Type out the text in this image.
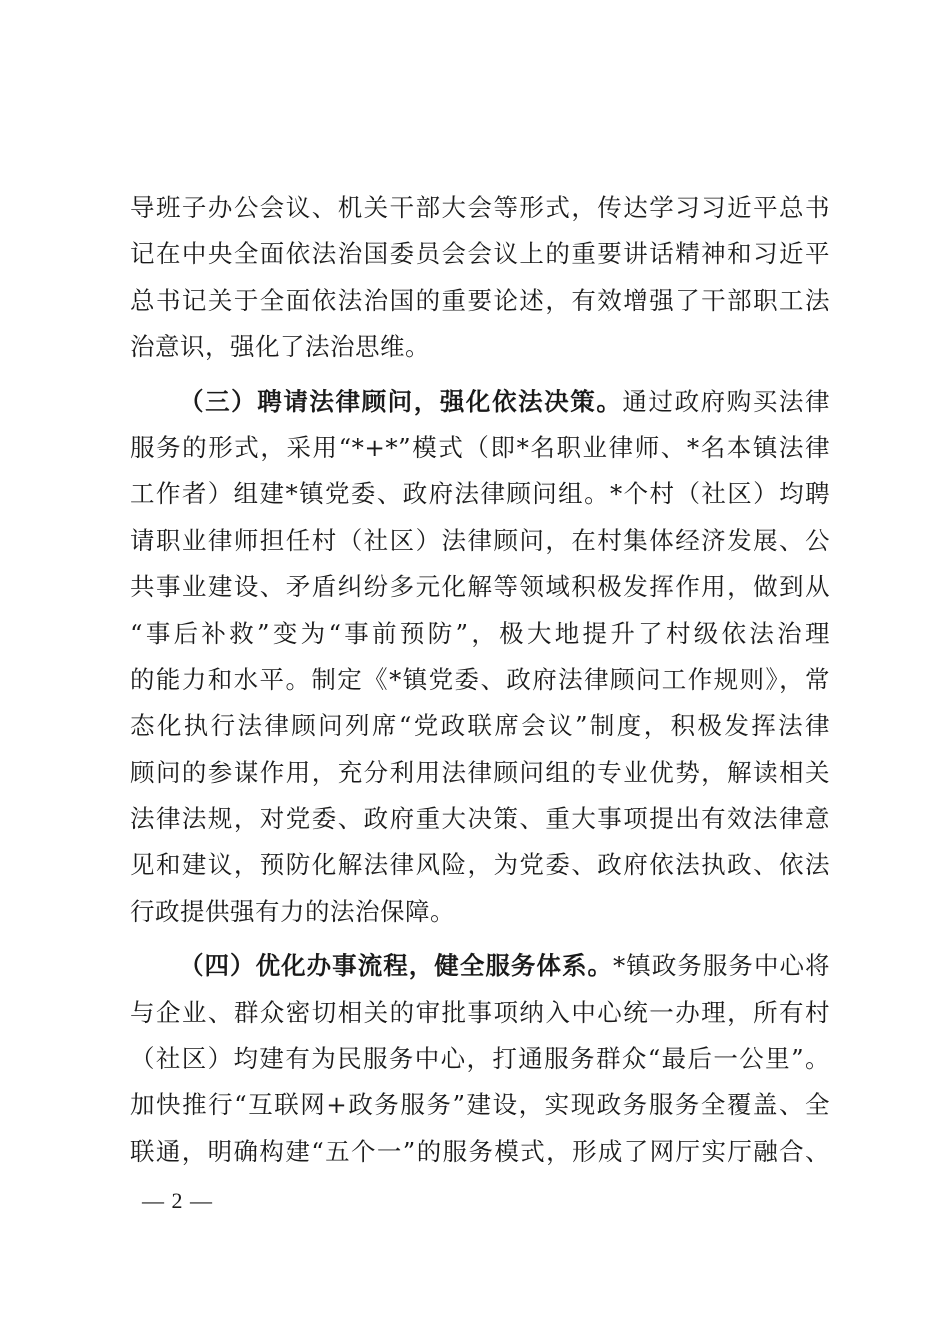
导班子办公会议、机关干部大会等形式，传达学习习近平总书
记在中央全面依法治国委员会会议上的重要讲话精神和习近平
总书记关于全面依法治国的重要论述，有效增强了干部职工法
治意识，强化了法治思维。
（三）聘请法律顾问，强化依法决策。通过政府购买法律
服务的形式，采用“*+*”模式（即*名职业律师、*名本镇法律
工作者）组建*镇党委、政府法律顾问组。*个村（社区）均聘
请职业律师担任村（社区）法律顾问，在村集体经济发展、公
共事业建设、矛盾纠纷多元化解等领域积极发挥作用，做到从
“事后补救”变为“事前预防”，极大地提升了村级依法治理
的能力和水平。制定《*镇党委、政府法律顾问工作规则》，常
态化执行法律顾问列席“党政联席会议”制度，积极发挥法律
顾问的参谋作用，充分利用法律顾问组的专业优势，解读相关
法律法规，对党委、政府重大决策、重大事项提出有效法律意
见和建议，预防化解法律风险，为党委、政府依法执政、依法
行政提供强有力的法治保障。
（四）优化办事流程，健全服务体系。*镇政务服务中心将
与企业、群众密切相关的审批事项纳入中心统一办理，所有村
（社区）均建有为民服务中心，打通服务群众“最后一公里”。
加快推行“互联网+政务服务”建设，实现政务服务全覆盖、全
联通，明确构建“五个一”的服务模式，形成了网厅实厅融合、
— 2 —
